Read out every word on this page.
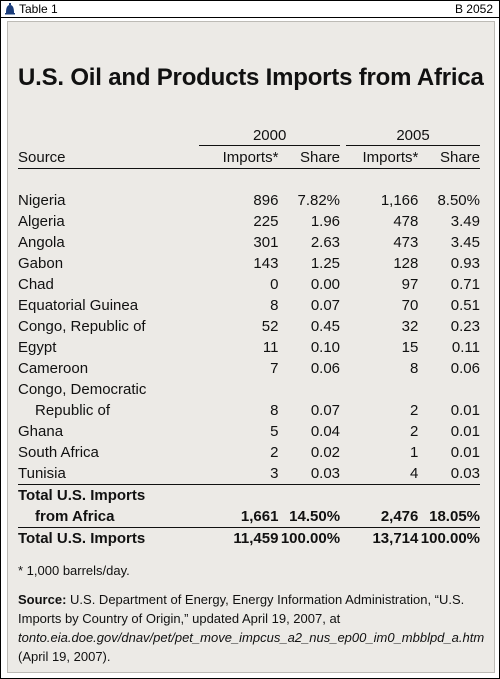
Table 1	B 2052
U.S. Oil and Products Imports from Africa

	2000		2005	

Source	Imports*	Share	Imports*	Share

Nigeria	896	7.82%	1,166	8.50%
Algeria	225	1.96	478	3.49
Angola	301	2.63	473	3.45
Gabon	143	1.25	128	0.93
Chad	0	0.00	97	0.71
Equatorial Guinea	8	0.07	70	0.51
Congo, Republic of	52	0.45	32	0.23
Egypt	11	0.10	15	0.11
Cameroon	7	0.06	8	0.06
Congo, Democratic				
Republic of	8	0.07	2	0.01
Ghana	5	0.04	2	0.01
South Africa	2	0.02	1	0.01
Tunisia	3	0.03	4	0.03
Total U.S. Imports				
from Africa	1,661	14.50%	2,476	18.05%
Total U.S. Imports	11,459	100.00%	13,714	100.00%
* 1,000 barrels/day.
Source: U.S. Department of Energy, Energy Information Administration, “U.S. Imports by Country of Origin,” updated April 19, 2007, at tonto.eia.doe.gov/dnav/pet/pet_move_impcus_a2_nus_ep00_im0_mbblpd_a.htm (April 19, 2007).
